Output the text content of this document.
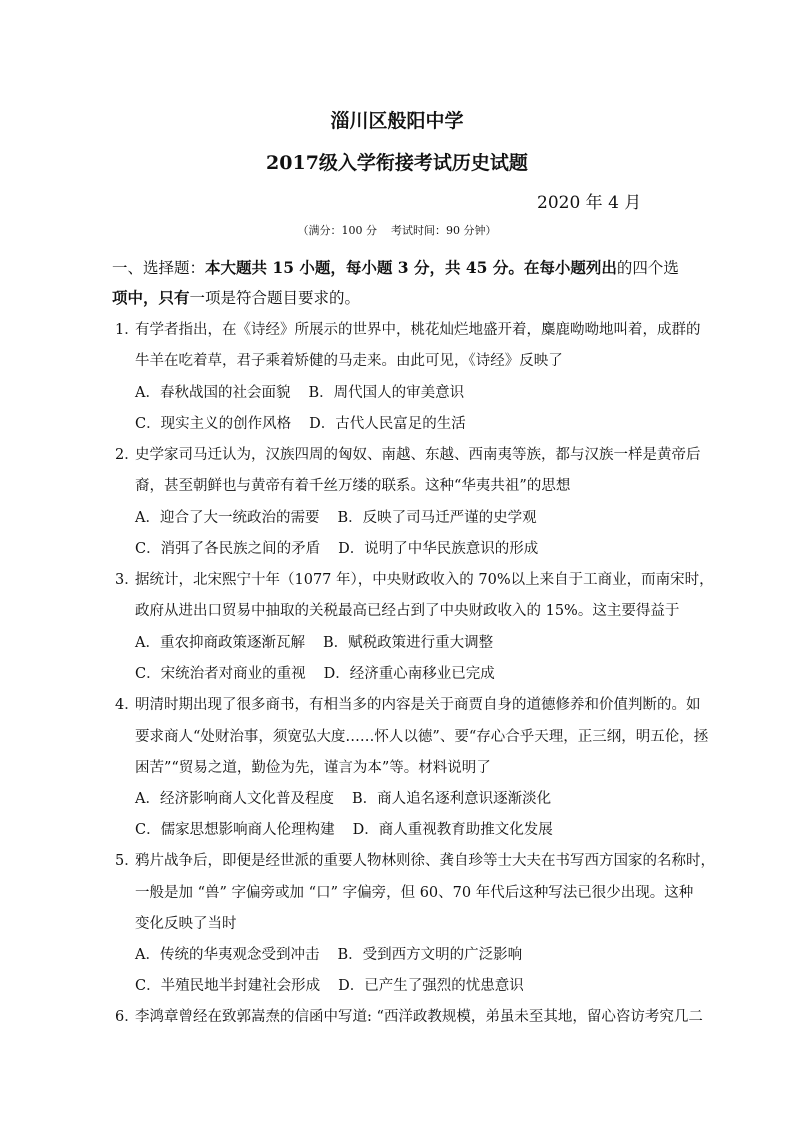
淄川区般阳中学
2017级入学衔接考试历史试题
2020 年 4 月
（满分：100 分    考试时间：90 分钟）
一、选择题：本大题共 15 小题，每小题 3 分，共 45 分。在每小题列出的四个选
项中，只有一项是符合题目要求的。
1．有学者指出，在《诗经》所展示的世界中，桃花灿烂地盛开着，麋鹿呦呦地叫着，成群的
牛羊在吃着草，君子乘着矫健的马走来。由此可见，《诗经》反映了
A．春秋战国的社会面貌 B．周代国人的审美意识
C．现实主义的创作风格 D．古代人民富足的生活
2．史学家司马迁认为，汉族四周的匈奴、南越、东越、西南夷等族，都与汉族一样是黄帝后
裔，甚至朝鲜也与黄帝有着千丝万缕的联系。这种“华夷共祖”的思想
A．迎合了大一统政治的需要 B．反映了司马迁严谨的史学观
C．消弭了各民族之间的矛盾 D．说明了中华民族意识的形成
3．据统计，北宋熙宁十年（1077 年），中央财政收入的 70%以上来自于工商业，而南宋时，
政府从进出口贸易中抽取的关税最高已经占到了中央财政收入的 15%。这主要得益于
A．重农抑商政策逐渐瓦解 B．赋税政策进行重大调整
C．宋统治者对商业的重视 D．经济重心南移业已完成
4．明清时期出现了很多商书，有相当多的内容是关于商贾自身的道德修养和价值判断的。如
要求商人“处财治事，须宽弘大度……怀人以德”、要“存心合乎天理，正三纲，明五伦，拯
困苦”“贸易之道，勤俭为先，谨言为本”等。材料说明了
A．经济影响商人文化普及程度 B．商人追名逐利意识逐渐淡化
C．儒家思想影响商人伦理构建 D．商人重视教育助推文化发展
5．鸦片战争后，即便是经世派的重要人物林则徐、龚自珍等士大夫在书写西方国家的名称时，
一般是加 “兽” 字偏旁或加 “口” 字偏旁，但 60、70 年代后这种写法已很少出现。这种
变化反映了当时
A．传统的华夷观念受到冲击 B．受到西方文明的广泛影响
C．半殖民地半封建社会形成 D．已产生了强烈的忧患意识
6．李鸿章曾经在致郭嵩焘的信函中写道: “西洋政教规模，弟虽未至其地，留心咨访考究几二
